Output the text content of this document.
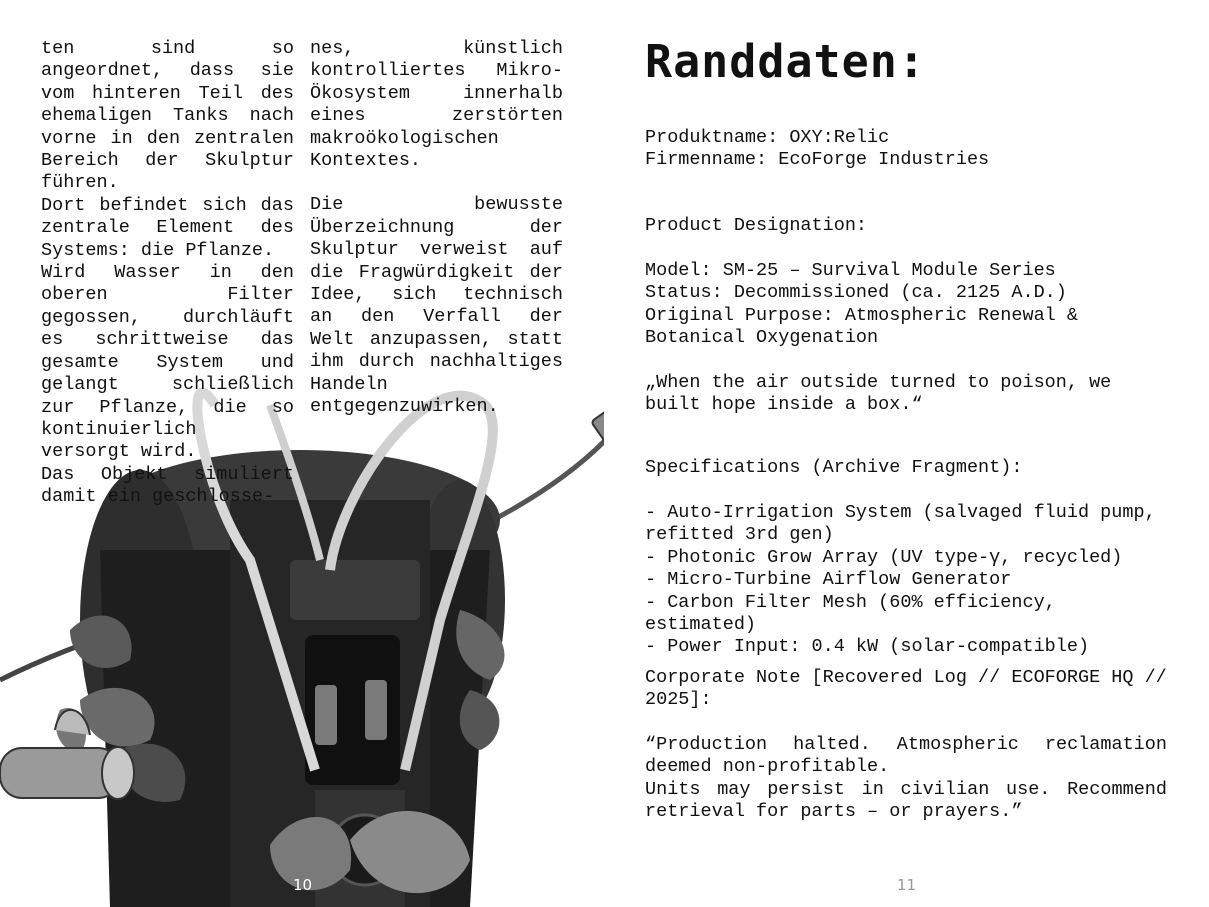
ten sind so angeordnet, dass sie vom hinteren Teil des ehemaligen Tanks nach vorne in den zentralen Bereich der Skulptur führen.

Dort befindet sich das zentrale Element des Systems: die Pflanze.

Wird Wasser in den oberen Filter gegossen, durchläuft es schrittweise das gesamte System und gelangt schließlich zur Pflanze, die so kontinuierlich versorgt wird.

Das Objekt simuliert damit ein geschlosse-

nes, künstlich kontrolliertes Mikro-Ökosystem innerhalb eines zerstörten makroökologischen Kontextes.

Die bewusste Überzeichnung der Skulptur verweist auf die Fragwürdigkeit der Idee, sich technisch an den Verfall der Welt anzupassen, statt ihm durch nachhaltiges Handeln entgegenzuwirken.

10
Randdaten:

Produktname: OXY:Relic

Firmenname: EcoForge Industries

Product Designation:

Model: SM-25 – Survival Module Series

Status: Decommissioned (ca. 2125 A.D.)

Original Purpose: Atmospheric Renewal & Botanical Oxygenation

„When the air outside turned to poison, we built hope inside a box.“
Specifications (Archive Fragment):

- Auto-Irrigation System (salvaged fluid pump, refitted 3rd gen)

- Photonic Grow Array (UV type-γ, recycled)

- Micro-Turbine Airflow Generator

- Carbon Filter Mesh (60% efficiency, estimated)

- Power Input: 0.4 kW (solar-compatible)

Corporate Note [Recovered Log // ECOFORGE HQ // 2025]:

“Production halted. Atmospheric reclamation deemed non-profitable.

Units may persist in civilian use. Recommend retrieval for parts – or prayers.”

11
